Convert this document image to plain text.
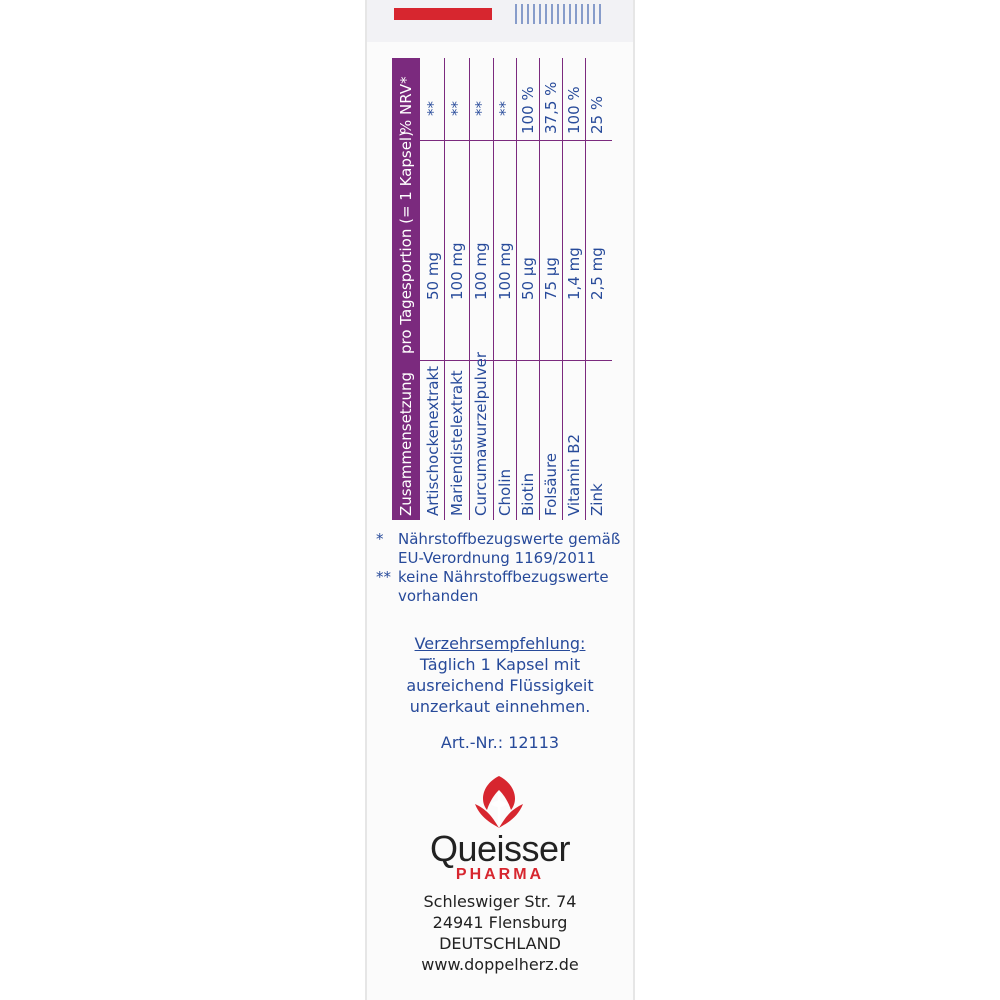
% NRV*
pro Tagesportion (= 1 Kapsel)
Zusammensetzung Artischockenextrakt
50 mg
**
Mariendistelextrakt
100 mg
**
Curcumawurzelpulver
100 mg
**
Cholin
100 mg
**
Biotin
50 µg
100 %
Folsäure
75 µg
37,5 %
Vitamin B2
1,4 mg
100 %
Zink
2,5 mg
25 %
* Nährstoffbezugswerte gemäß EU-Verordnung 1169/2011
** keine Nährstoffbezugswerte vorhanden
Verzehrsempfehlung:
Täglich 1 Kapsel mit
ausreichend Flüssigkeit
unzerkaut einnehmen.
Art.-Nr.: 12113
Queisser
PHARMA
Schleswiger Str. 74
24941 Flensburg
DEUTSCHLAND
www.doppelherz.de
